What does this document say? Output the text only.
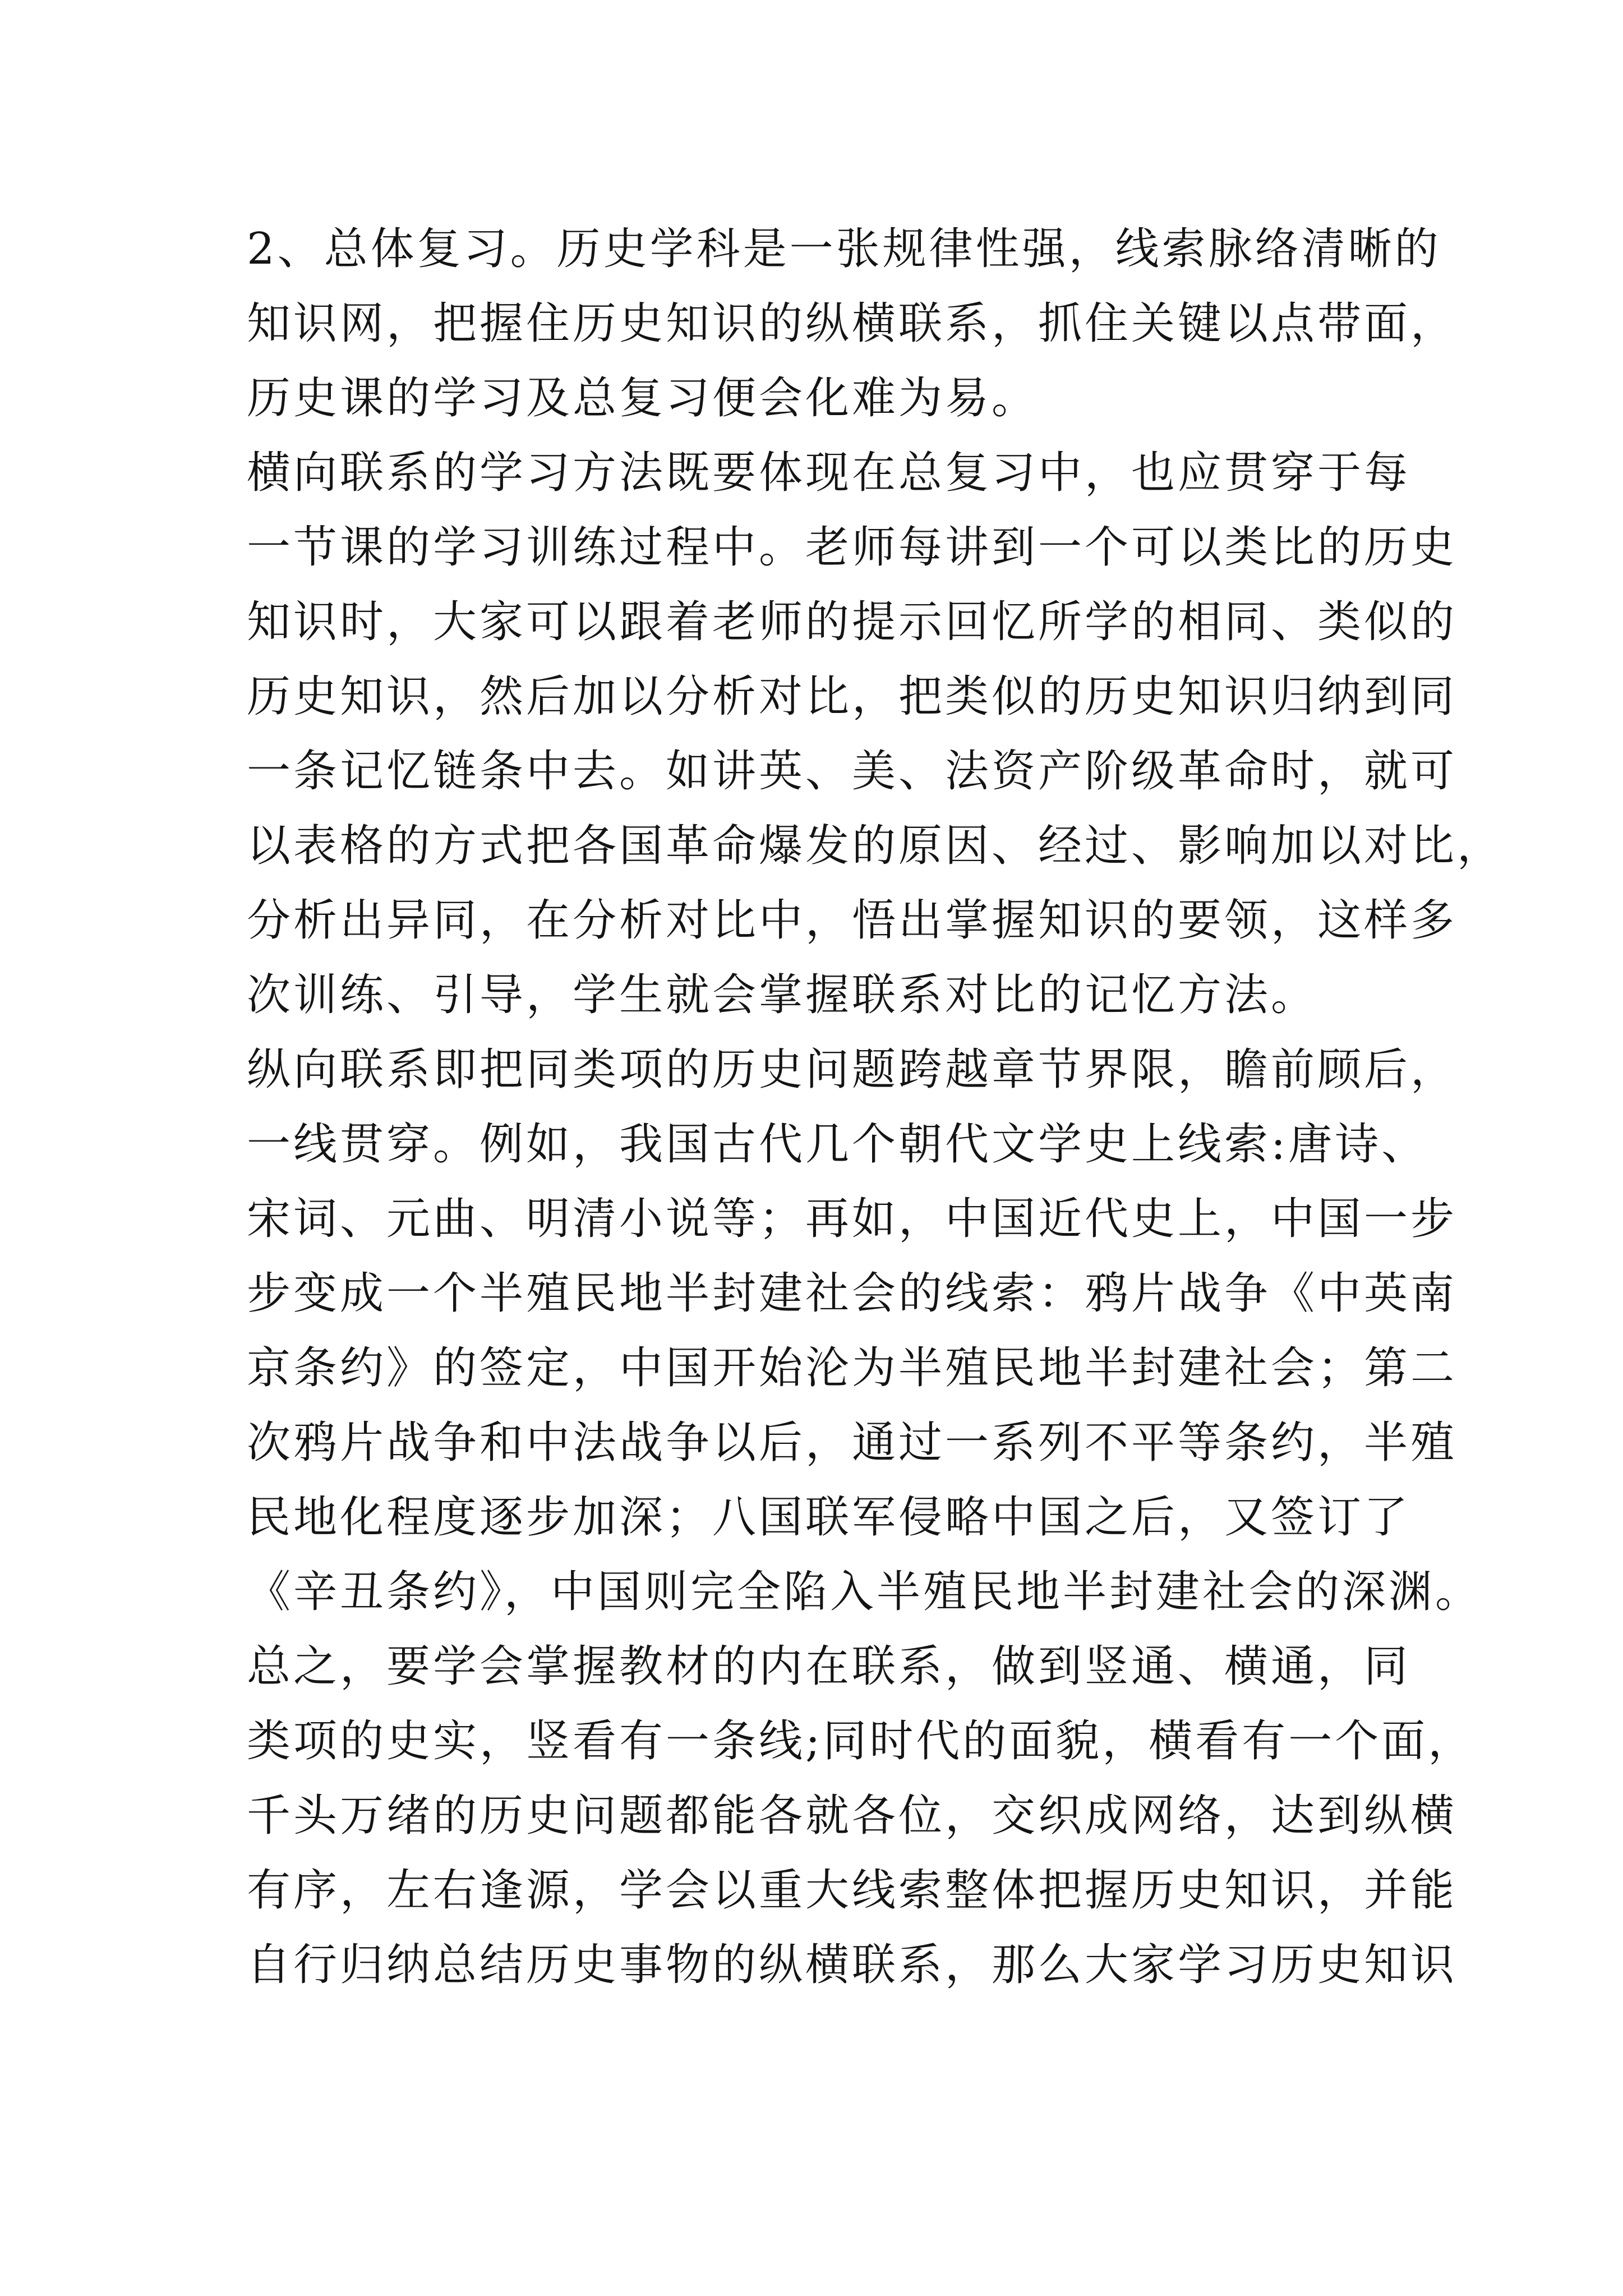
2、总体复习。历史学科是一张规律性强，线索脉络清晰的
知识网，把握住历史知识的纵横联系，抓住关键以点带面，
历史课的学习及总复习便会化难为易。
横向联系的学习方法既要体现在总复习中，也应贯穿于每
一节课的学习训练过程中。老师每讲到一个可以类比的历史
知识时，大家可以跟着老师的提示回忆所学的相同、类似的
历史知识，然后加以分析对比，把类似的历史知识归纳到同
一条记忆链条中去。如讲英、美、法资产阶级革命时，就可
以表格的方式把各国革命爆发的原因、经过、影响加以对比，
分析出异同，在分析对比中，悟出掌握知识的要领，这样多
次训练、引导，学生就会掌握联系对比的记忆方法。
纵向联系即把同类项的历史问题跨越章节界限，瞻前顾后，
一线贯穿。例如，我国古代几个朝代文学史上线索:唐诗、
宋词、元曲、明清小说等；再如，中国近代史上，中国一步
步变成一个半殖民地半封建社会的线索：鸦片战争《中英南
京条约》的签定，中国开始沦为半殖民地半封建社会；第二
次鸦片战争和中法战争以后，通过一系列不平等条约，半殖
民地化程度逐步加深；八国联军侵略中国之后，又签订了
《辛丑条约》，中国则完全陷入半殖民地半封建社会的深渊。
总之，要学会掌握教材的内在联系，做到竖通、横通，同
类项的史实，竖看有一条线;同时代的面貌，横看有一个面，
千头万绪的历史问题都能各就各位，交织成网络，达到纵横
有序，左右逢源，学会以重大线索整体把握历史知识，并能
自行归纳总结历史事物的纵横联系，那么大家学习历史知识
